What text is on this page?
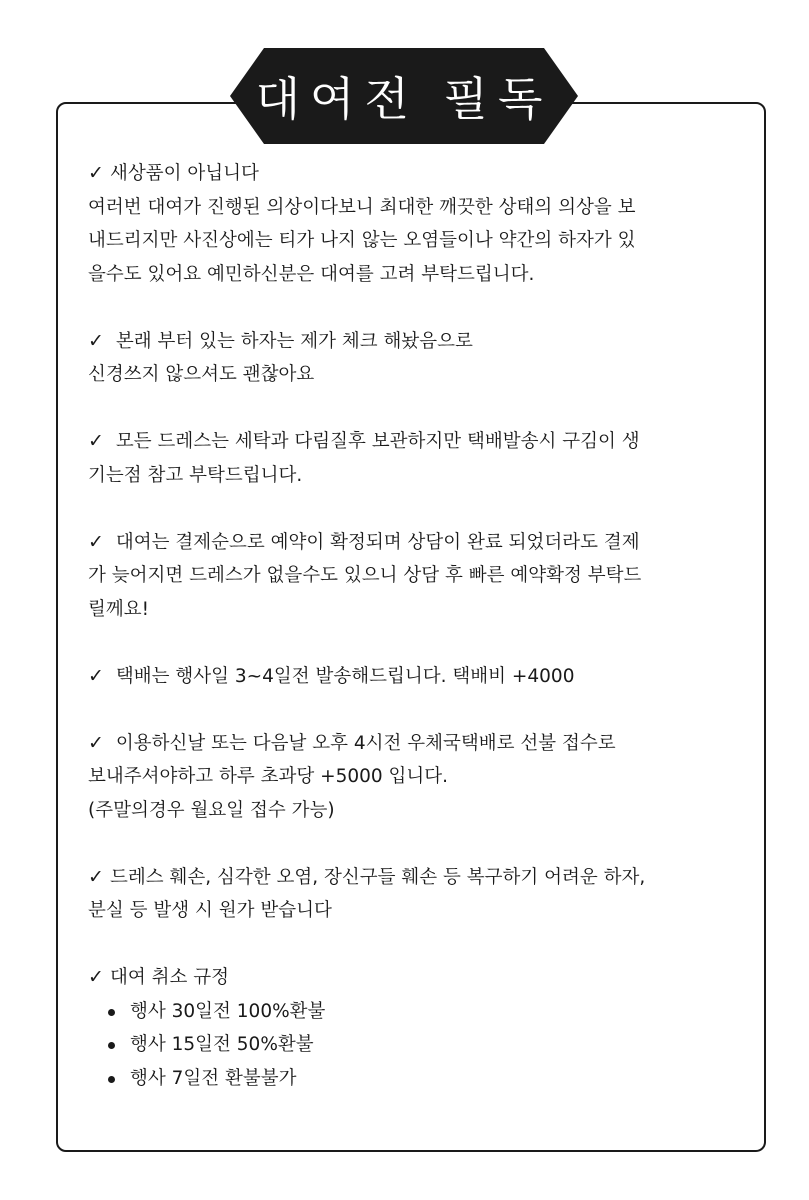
대여전 필독
✓ 새상품이 아닙니다
여러번 대여가 진행된 의상이다보니 최대한 깨끗한 상태의 의상을 보
내드리지만 사진상에는 티가 나지 않는 오염들이나 약간의 하자가 있
을수도 있어요 예민하신분은 대여를 고려 부탁드립니다.
✓ 본래 부터 있는 하자는 제가 체크 해놨음으로
신경쓰지 않으셔도 괜찮아요
✓ 모든 드레스는 세탁과 다림질후 보관하지만 택배발송시 구김이 생
기는점 참고 부탁드립니다.
✓ 대여는 결제순으로 예약이 확정되며 상담이 완료 되었더라도 결제
가 늦어지면 드레스가 없을수도 있으니 상담 후 빠른 예약확정 부탁드
릴께요!
✓ 택배는 행사일 3~4일전 발송해드립니다. 택배비 +4000
✓ 이용하신날 또는 다음날 오후 4시전 우체국택배로 선불 접수로
보내주셔야하고 하루 초과당 +5000 입니다.
(주말의경우 월요일 접수 가능)
✓ 드레스 훼손, 심각한 오염, 장신구들 훼손 등 복구하기 어려운 하자,
분실 등 발생 시 원가 받습니다
✓ 대여 취소 규정
행사 30일전 100%환불
행사 15일전 50%환불
행사 7일전 환불불가
